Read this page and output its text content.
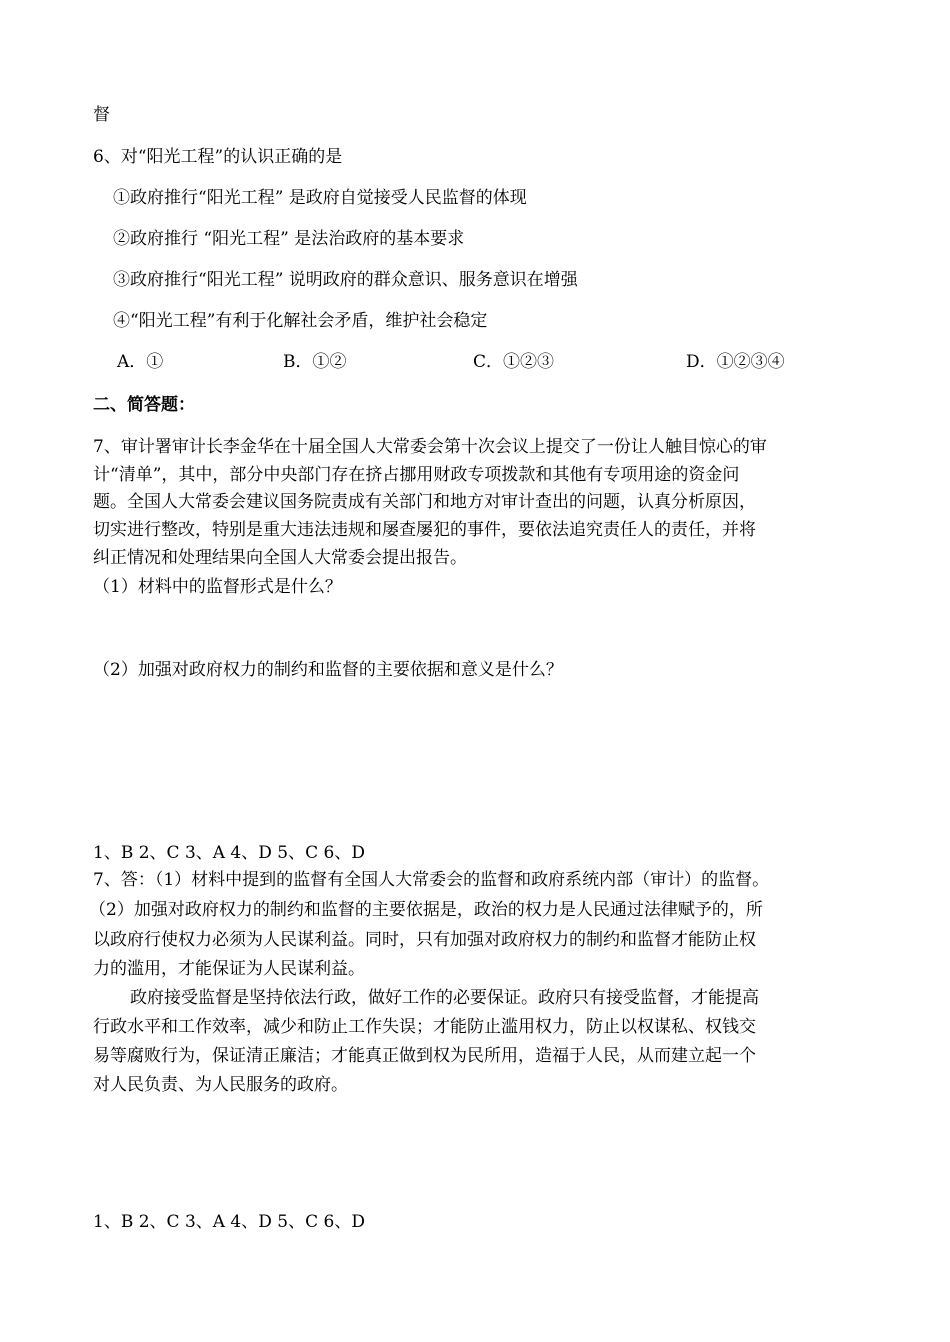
督
6、对“阳光工程”的认识正确的是
①政府推行“阳光工程” 是政府自觉接受人民监督的体现
②政府推行 “阳光工程” 是法治政府的基本要求
③政府推行“阳光工程” 说明政府的群众意识、服务意识在增强
④“阳光工程”有利于化解社会矛盾，维护社会稳定
A．①	B．①②	C．①②③	D．①②③④
二、简答题：
7、审计署审计长李金华在十届全国人大常委会第十次会议上提交了一份让人触目惊心的审
计“清单”，其中，部分中央部门存在挤占挪用财政专项拨款和其他有专项用途的资金问
题。全国人大常委会建议国务院责成有关部门和地方对审计查出的问题，认真分析原因，
切实进行整改，特别是重大违法违规和屡查屡犯的事件，要依法追究责任人的责任，并将
纠正情况和处理结果向全国人大常委会提出报告。
（1）材料中的监督形式是什么？
（2）加强对政府权力的制约和监督的主要依据和意义是什么？
1、B 2、C 3、A 4、D 5、C 6、D
7、答：（1）材料中提到的监督有全国人大常委会的监督和政府系统内部（审计）的监督。
（2）加强对政府权力的制约和监督的主要依据是，政治的权力是人民通过法律赋予的，所
以政府行使权力必须为人民谋利益。同时，只有加强对政府权力的制约和监督才能防止权
力的滥用，才能保证为人民谋利益。
政府接受监督是坚持依法行政，做好工作的必要保证。政府只有接受监督，才能提高
行政水平和工作效率，减少和防止工作失误；才能防止滥用权力，防止以权谋私、权钱交
易等腐败行为，保证清正廉洁；才能真正做到权为民所用，造福于人民，从而建立起一个
对人民负责、为人民服务的政府。
1、B 2、C 3、A 4、D 5、C 6、D
